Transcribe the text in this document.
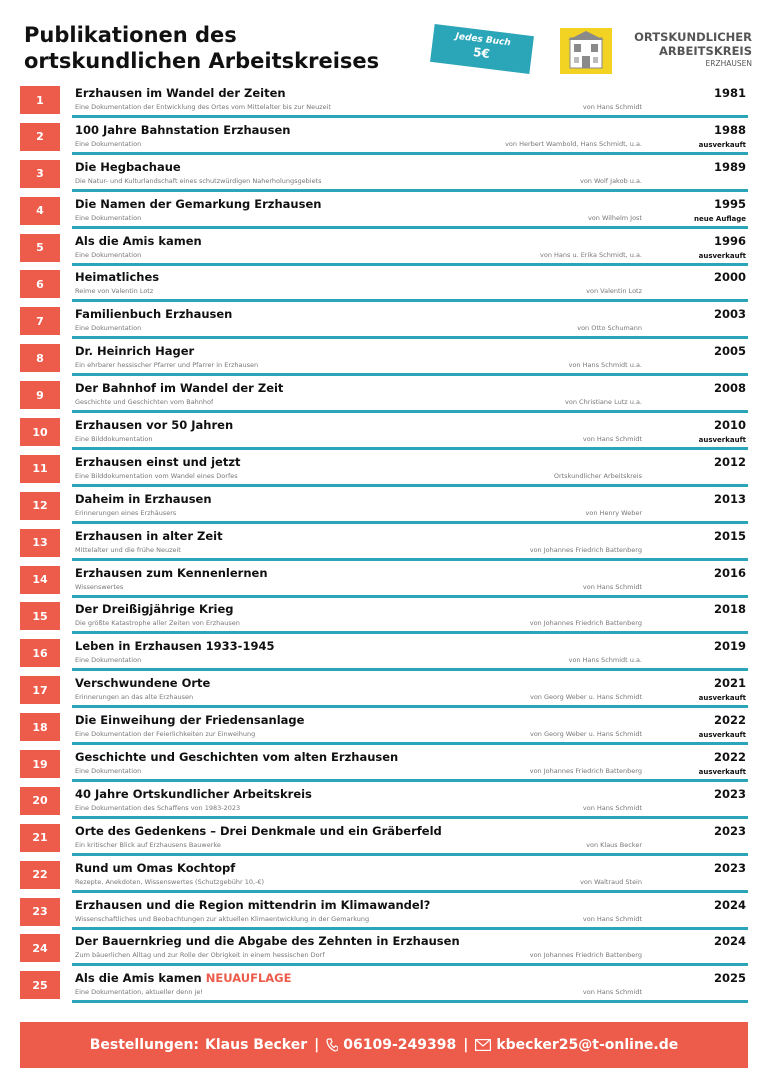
Publikationen des
ortskundlichen Arbeitskreises
Jedes Buch
5€
ORTSKUNDLICHER
ARBEITSKREIS
ERZHAUSEN
1	Erzhausen im Wandel der Zeiten
Eine Dokumentation der Entwicklung des Ortes vom Mittelalter bis zur Neuzeit	von Hans Schmidt
1981
2	100 Jahre Bahnstation Erzhausen
Eine Dokumentation	von Herbert Wambold, Hans Schmidt, u.a.
1988
ausverkauft
3	Die Hegbachaue
Die Natur- und Kulturlandschaft eines schutzwürdigen Naherholungsgebiets	von Wolf Jakob u.a.
1989
4	Die Namen der Gemarkung Erzhausen
Eine Dokumentation	von Wilhelm Jost
1995
neue Auflage
5	Als die Amis kamen
Eine Dokumentation	von Hans u. Erika Schmidt, u.a.
1996
ausverkauft
6	Heimatliches
Reime von Valentin Lotz	von Valentin Lotz
2000
7	Familienbuch Erzhausen
Eine Dokumentation	von Otto Schumann
2003
8	Dr. Heinrich Hager
Ein ehrbarer hessischer Pfarrer und Pfarrer in Erzhausen	von Hans Schmidt u.a.
2005
9	Der Bahnhof im Wandel der Zeit
Geschichte und Geschichten vom Bahnhof	von Christiane Lutz u.a.
2008
10	Erzhausen vor 50 Jahren
Eine Bilddokumentation	von Hans Schmidt
2010
ausverkauft
11	Erzhausen einst und jetzt
Eine Bilddokumentation vom Wandel eines Dorfes	Ortskundlicher Arbeitskreis
2012
12	Daheim in Erzhausen
Erinnerungen eines Erzhäusers	von Henry Weber
2013
13	Erzhausen in alter Zeit
Mittelalter und die frühe Neuzeit	von Johannes Friedrich Battenberg
2015
14	Erzhausen zum Kennenlernen
Wissenswertes	von Hans Schmidt
2016
15	Der Dreißigjährige Krieg
Die größte Katastrophe aller Zeiten von Erzhausen	von Johannes Friedrich Battenberg
2018
16	Leben in Erzhausen 1933-1945
Eine Dokumentation	von Hans Schmidt u.a.
2019
17	Verschwundene Orte
Erinnerungen an das alte Erzhausen	von Georg Weber u. Hans Schmidt
2021
ausverkauft
18	Die Einweihung der Friedensanlage
Eine Dokumentation der Feierlichkeiten zur Einweihung	von Georg Weber u. Hans Schmidt
2022
ausverkauft
19	Geschichte und Geschichten vom alten Erzhausen
Eine Dokumentation	von Johannes Friedrich Battenberg
2022
ausverkauft
20	40 Jahre Ortskundlicher Arbeitskreis
Eine Dokumentation des Schaffens von 1983-2023	von Hans Schmidt
2023
21	Orte des Gedenkens – Drei Denkmale und ein Gräberfeld
Ein kritischer Blick auf Erzhausens Bauwerke	von Klaus Becker
2023
22	Rund um Omas Kochtopf
Rezepte, Anekdoten, Wissenswertes (Schutzgebühr 10,-€)	von Waltraud Stein
2023
23	Erzhausen und die Region mittendrin im Klimawandel?
Wissenschaftliches und Beobachtungen zur aktuellen Klimaentwicklung in der Gemarkung	von Hans Schmidt
2024
24	Der Bauernkrieg und die Abgabe des Zehnten in Erzhausen
Zum bäuerlichen Alltag und zur Rolle der Obrigkeit in einem hessischen Dorf	von Johannes Friedrich Battenberg
2024
25	Als die Amis kamen NEUAUFLAGE
Eine Dokumentation, aktueller denn je!	von Hans Schmidt
2025
Bestellungen: Klaus Becker | 06109-249398 | kbecker25@t-online.de
